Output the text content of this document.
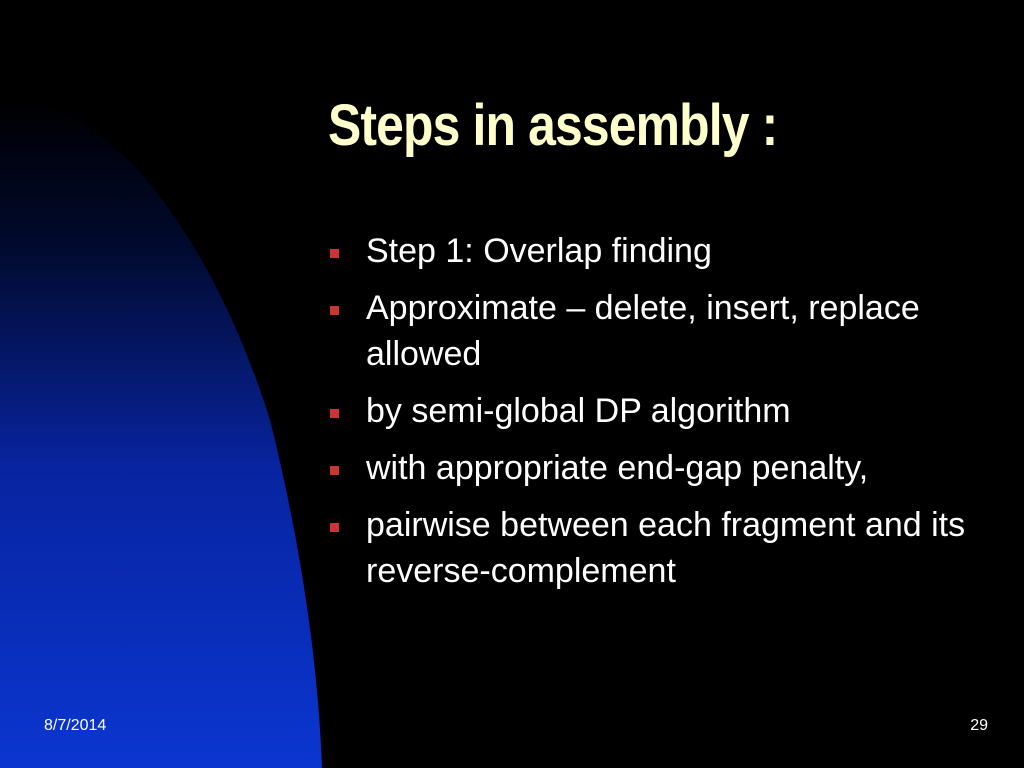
Steps in assembly :
Step 1: Overlap finding
Approximate – delete, insert, replace allowed
by semi-global DP algorithm
with appropriate end-gap penalty,
pairwise between each fragment and its reverse-complement
8/7/2014	29
